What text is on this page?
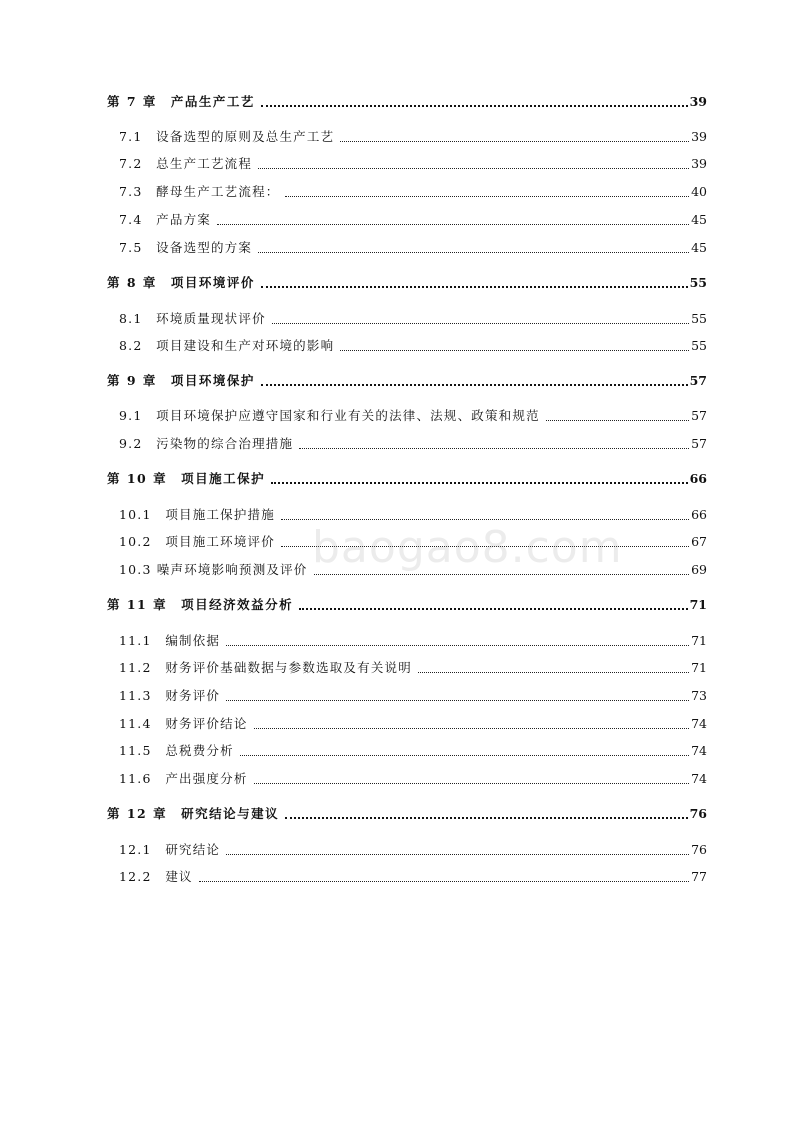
第 7 章　产品生产工艺	39
7.1　设备选型的原则及总生产工艺	39
7.2　总生产工艺流程	39
7.3　酵母生产工艺流程：	40
7.4　产品方案	45
7.5　设备选型的方案	45
第 8 章　项目环境评价	55
8.1　环境质量现状评价	55
8.2　项目建设和生产对环境的影响	55
第 9 章　项目环境保护	57
9.1　项目环境保护应遵守国家和行业有关的法律、法规、政策和规范	57
9.2　污染物的综合治理措施	57
第 10 章　项目施工保护	66
10.1　项目施工保护措施	66
10.2　项目施工环境评价	67
10.3 噪声环境影响预测及评价	69
第 11 章　项目经济效益分析	71
11.1　编制依据	71
11.2　财务评价基础数据与参数选取及有关说明	71
11.3　财务评价	73
11.4　财务评价结论	74
11.5　总税费分析	74
11.6　产出强度分析	74
第 12 章　研究结论与建议	76
12.1　研究结论	76
12.2　建议	77
baogao8.com
